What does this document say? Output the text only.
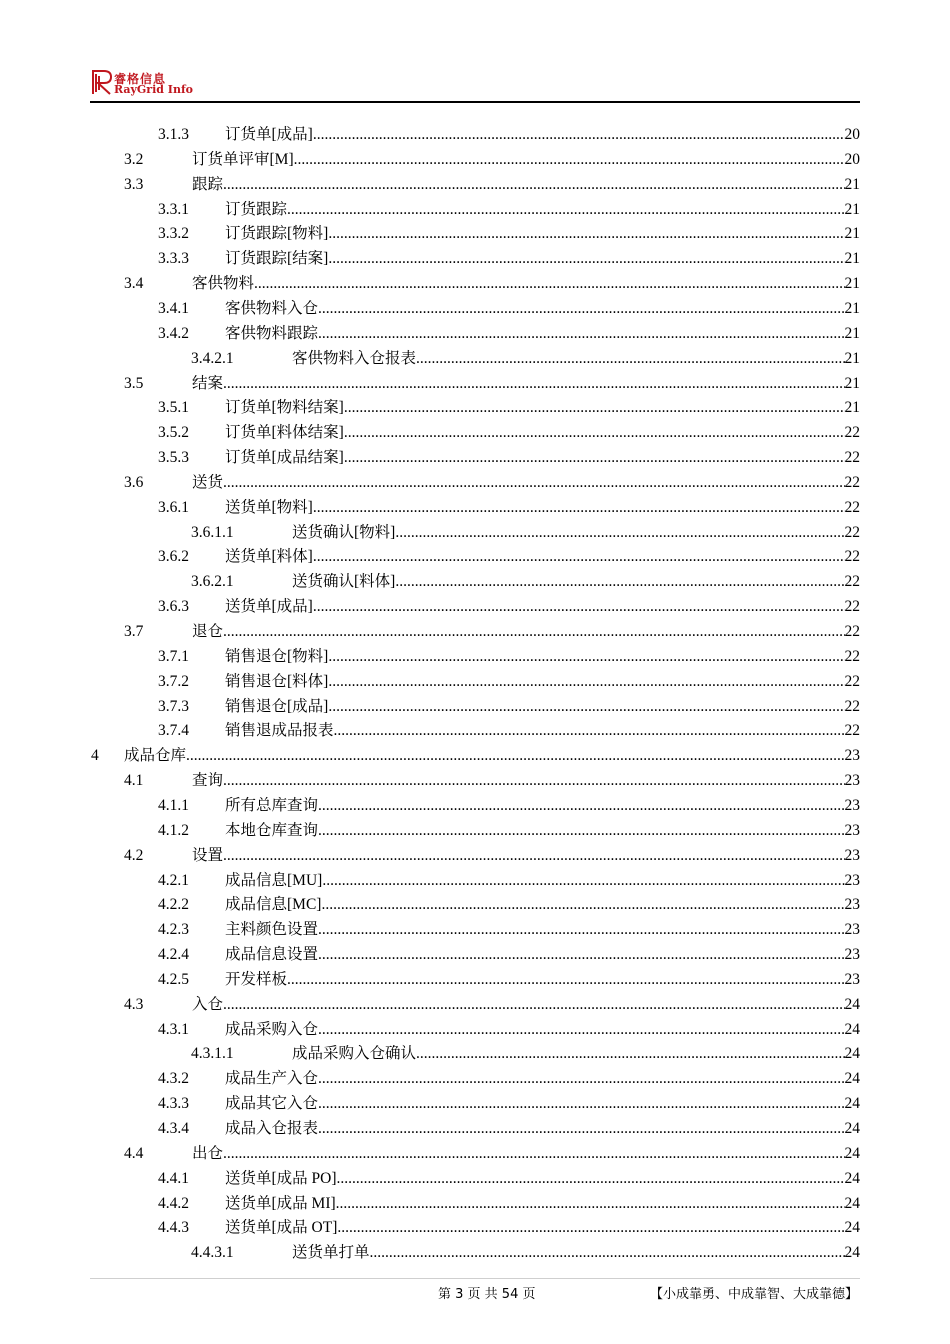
睿格信息
RayGrid Info
3.1.3 订货单[成品] .....	20
3.2	订货单评审[M] .....	20
3.3	跟踪 .....	21
3.3.1 订货跟踪 .....	21
3.3.2 订货跟踪[物料] .....	21
3.3.3 订货跟踪[结案] .....	21
3.4	客供物料 .....	21
3.4.1 客供物料入仓 .....	21
3.4.2 客供物料跟踪 .....	21
3.4.2.1	客供物料入仓报表 .....	21
3.5	结案 .....	21
3.5.1 订货单[物料结案] .....	21
3.5.2 订货单[料体结案] .....	22
3.5.3 订货单[成品结案] .....	22
3.6	送货 .....	22
3.6.1 送货单[物料] .....	22
3.6.1.1	送货确认[物料] .....	22
3.6.2 送货单[料体] .....	22
3.6.2.1	送货确认[料体] .....	22
3.6.3 送货单[成品] .....	22
3.7	退仓 .....	22
3.7.1 销售退仓[物料] .....	22
3.7.2 销售退仓[料体] .....	22
3.7.3 销售退仓[成品] .....	22
3.7.4 销售退成品报表 .....	22
4 成品仓库 .....	23
4.1	查询 .....	23
4.1.1 所有总库查询 .....	23
4.1.2 本地仓库查询 .....	23
4.2	设置 .....	23
4.2.1 成品信息[MU] .....	23
4.2.2 成品信息[MC] .....	23
4.2.3 主料颜色设置 .....	23
4.2.4 成品信息设置 .....	23
4.2.5 开发样板 .....	23
4.3	入仓 .....	24
4.3.1 成品采购入仓 .....	24
4.3.1.1	成品采购入仓确认 .....	24
4.3.2 成品生产入仓 .....	24
4.3.3 成品其它入仓 .....	24
4.3.4 成品入仓报表 .....	24
4.4	出仓 .....	24
4.4.1 送货单[成品 PO] .....	24
4.4.2 送货单[成品 MI] .....	24
4.4.3 送货单[成品 OT] .....	24
4.4.3.1	送货单打单 .....	24
第 3 页 共 54 页	【小成靠勇、中成靠智、大成靠德】
